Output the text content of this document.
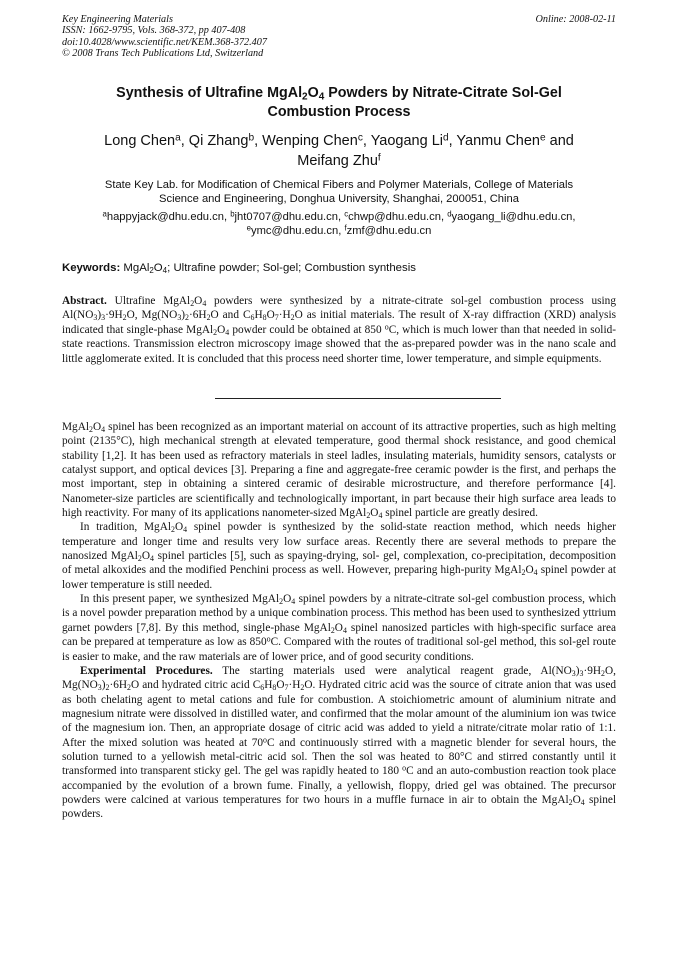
Key Engineering Materials	Online: 2008-02-11
ISSN: 1662-9795, Vols. 368-372, pp 407-408
doi:10.4028/www.scientific.net/KEM.368-372.407
© 2008 Trans Tech Publications Ltd, Switzerland
Synthesis of Ultrafine $MgAl_2O_4$ Powders by Nitrate-Citrate Sol-Gel
Combustion Process
Long Chen$^a$, Qi Zhang$^b$, Wenping Chen$^c$, Yaogang Li$^d$, Yanmu Chen$^e$ and
Meifang Zhu$^f$
State Key Lab. for Modification of Chemical Fibers and Polymer Materials, College of Materials
Science and Engineering, Donghua University, Shanghai, 200051, China
$^a$happyjack@dhu.edu.cn, $^b$jht0707@dhu.edu.cn, $^c$chwp@dhu.edu.cn, $^d$yaogang_li@dhu.edu.cn,
$^e$ymc@dhu.edu.cn, $^f$zmf@dhu.edu.cn
Keywords: $MgAl_2O_4$; Ultrafine powder; Sol-gel; Combustion synthesis
Abstract. Ultrafine $MgAl_2O_4$ powders were synthesized by a nitrate-citrate sol-gel combustion process using $Al(NO_3)_3\cdot 9H_2O$, $Mg(NO_3)_2\cdot 6H_2O$ and $C_6H_8O_7\cdot H_2O$ as initial materials. The result of X-ray diffraction (XRD) analysis indicated that single-phase $MgAl_2O_4$ powder could be obtained at 850 $^o$C, which is much lower than that needed in solid-state reactions. Transmission electron microscopy image showed that the as-prepared powder was in the nano scale and little agglomerate exited. It is concluded that this process need shorter time, lower temperature, and simple equipments.

$MgAl_2O_4$ spinel has been recognized as an important material on account of its attractive properties, such as high melting point (2135°C), high mechanical strength at elevated temperature, good thermal shock resistance, and good chemical stability [1,2]. It has been used as refractory materials in steel ladles, insulating materials, humidity sensors, catalysts or catalyst support, and optical devices [3]. Preparing a fine and aggregate-free ceramic powder is the first, and perhaps the most important, step in obtaining a sintered ceramic of desirable microstructure, and therefore performance [4]. Nanometer-size particles are scientifically and technologically important, in part because their high surface area leads to high reactivity. For many of its applications nanometer-sized $MgAl_2O_4$ spinel particle are greatly desired.

In tradition, $MgAl_2O_4$ spinel powder is synthesized by the solid-state reaction method, which needs higher temperature and longer time and results very low surface areas. Recently there are several methods to prepare the nanosized $MgAl_2O_4$ spinel particles [5], such as spaying-drying, sol- gel, complexation, co-precipitation, decomposition of metal alkoxides and the modified Penchini process as well. However, preparing high-purity $MgAl_2O_4$ spinel powder at lower temperature is still needed.

In this present paper, we synthesized $MgAl_2O_4$ spinel powders by a nitrate-citrate sol-gel combustion process, which is a novel powder preparation method by a unique combination process. This method has been used to synthesized yttrium garnet powders [7,8]. By this method, single-phase $MgAl_2O_4$ spinel nanosized particles with high-specific surface area can be prepared at temperature as low as 850$^o$C. Compared with the routes of traditional sol-gel method, this sol-gel route is easier to make, and the raw materials are of lower price, and of good security conditions.

Experimental Procedures. The starting materials used were analytical reagent grade, $Al(NO_3)_3\cdot 9H_2O$, $Mg(NO_3)_2\cdot 6H_2O$ and hydrated citric acid $C_6H_8O_7\cdot H_2O$. Hydrated citric acid was the source of citrate anion that was used as both chelating agent to metal cations and fule for combustion. A stoichiometric amount of aluminium nitrate and magnesium nitrate were dissolved in distilled water, and confirmed that the molar amount of the aluminium ion was twice of the magnesium ion. Then, an appropriate dosage of citric acid was added to yield a nitrate/citrate molar ratio of 1:1. After the mixed solution was heated at 70$^o$C and continuously stirred with a magnetic blender for several hours, the solution turned to a yellowish metal-citric acid sol. Then the sol was heated to 80°C and stirred constantly until it transformed into transparent sticky gel. The gel was rapidly heated to 180 $^o$C and an auto-combustion reaction took place accompanied by the evolution of a brown fume. Finally, a yellowish, floppy, dried gel was obtained. The precursor powders were calcined at various temperatures for two hours in a muffle furnace in air to obtain the $MgAl_2O_4$ spinel powders.
